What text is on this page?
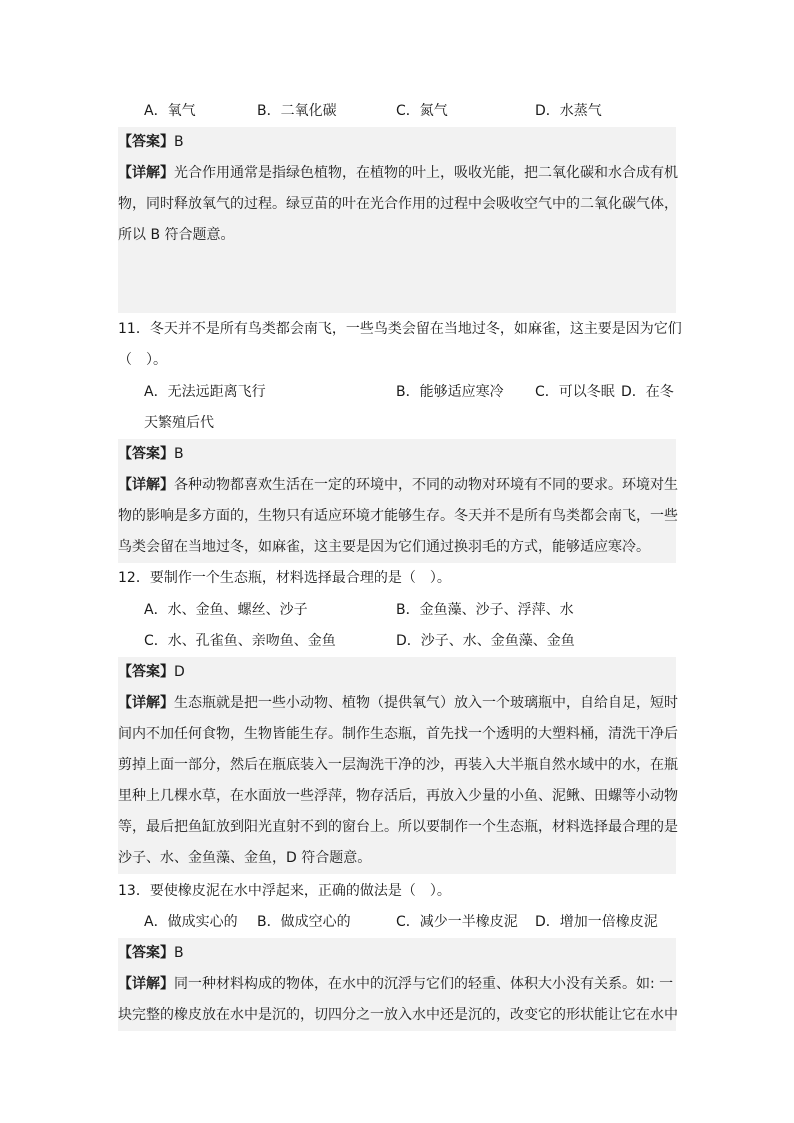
A．氧气	B．二氧化碳	C．氮气	D．水蒸气
【答案】B
【详解】光合作用通常是指绿色植物，在植物的叶上，吸收光能，把二氧化碳和水合成有机
物，同时释放氧气的过程。绿豆苗的叶在光合作用的过程中会吸收空气中的二氧化碳气体，
所以 B 符合题意。
11．冬天并不是所有鸟类都会南飞，一些鸟类会留在当地过冬，如麻雀，这主要是因为它们
（　）。
A．无法远距离飞行	B．能够适应寒冷 C．可以冬眠 D．在冬
天繁殖后代
【答案】B
【详解】各种动物都喜欢生活在一定的环境中，不同的动物对环境有不同的要求。环境对生
物的影响是多方面的，生物只有适应环境才能够生存。冬天并不是所有鸟类都会南飞，一些
鸟类会留在当地过冬，如麻雀，这主要是因为它们通过换羽毛的方式，能够适应寒冷。
12．要制作一个生态瓶，材料选择最合理的是（　）。
A．水、金鱼、螺丝、沙子	B．金鱼藻、沙子、浮萍、水
C．水、孔雀鱼、亲吻鱼、金鱼	D．沙子、水、金鱼藻、金鱼
【答案】D
【详解】生态瓶就是把一些小动物、植物（提供氧气）放入一个玻璃瓶中，自给自足，短时
间内不加任何食物，生物皆能生存。制作生态瓶，首先找一个透明的大塑料桶，清洗干净后
剪掉上面一部分，然后在瓶底装入一层淘洗干净的沙，再装入大半瓶自然水域中的水，在瓶
里种上几棵水草，在水面放一些浮萍，物存活后，再放入少量的小鱼、泥鳅、田螺等小动物
等，最后把鱼缸放到阳光直射不到的窗台上。所以要制作一个生态瓶，材料选择最合理的是
沙子、水、金鱼藻、金鱼，D 符合题意。
13．要使橡皮泥在水中浮起来，正确的做法是（　）。
A．做成实心的 B．做成空心的	C．减少一半橡皮泥 D．增加一倍橡皮泥
【答案】B
【详解】同一种材料构成的物体，在水中的沉浮与它们的轻重、体积大小没有关系。如: 一
块完整的橡皮放在水中是沉的，切四分之一放入水中还是沉的，改变它的形状能让它在水中
